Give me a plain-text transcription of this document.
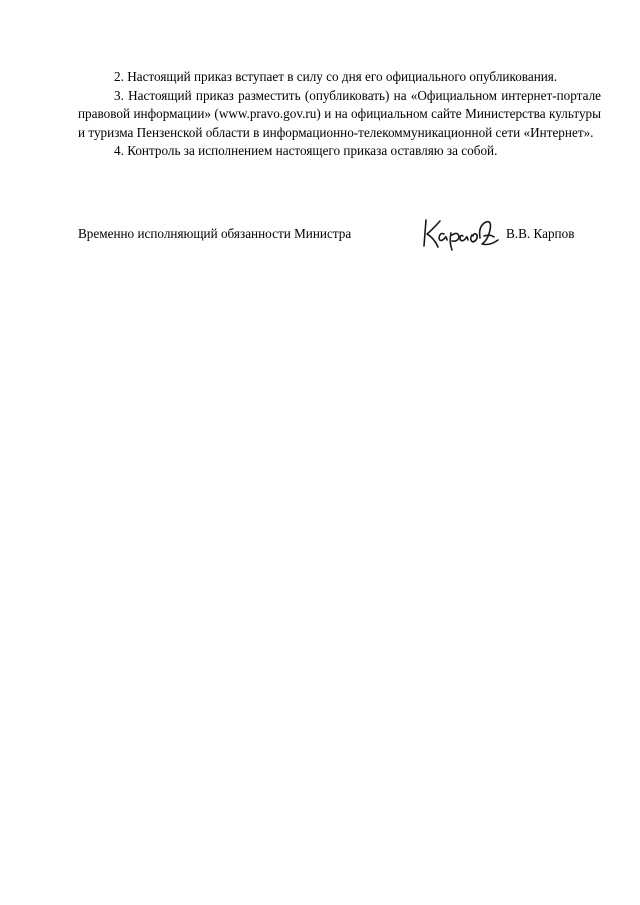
2. Настоящий приказ вступает в силу со дня его официального опубликования.

3. Настоящий приказ разместить (опубликовать) на «Официальном интернет-портале правовой информации» (www.pravo.gov.ru) и на официальном сайте Министерства культуры и туризма Пензенской области в информационно-телекоммуникационной сети «Интернет».

4. Контроль за исполнением настоящего приказа оставляю за собой.

Временно исполняющий обязанности Министра	В.В. Карпов
